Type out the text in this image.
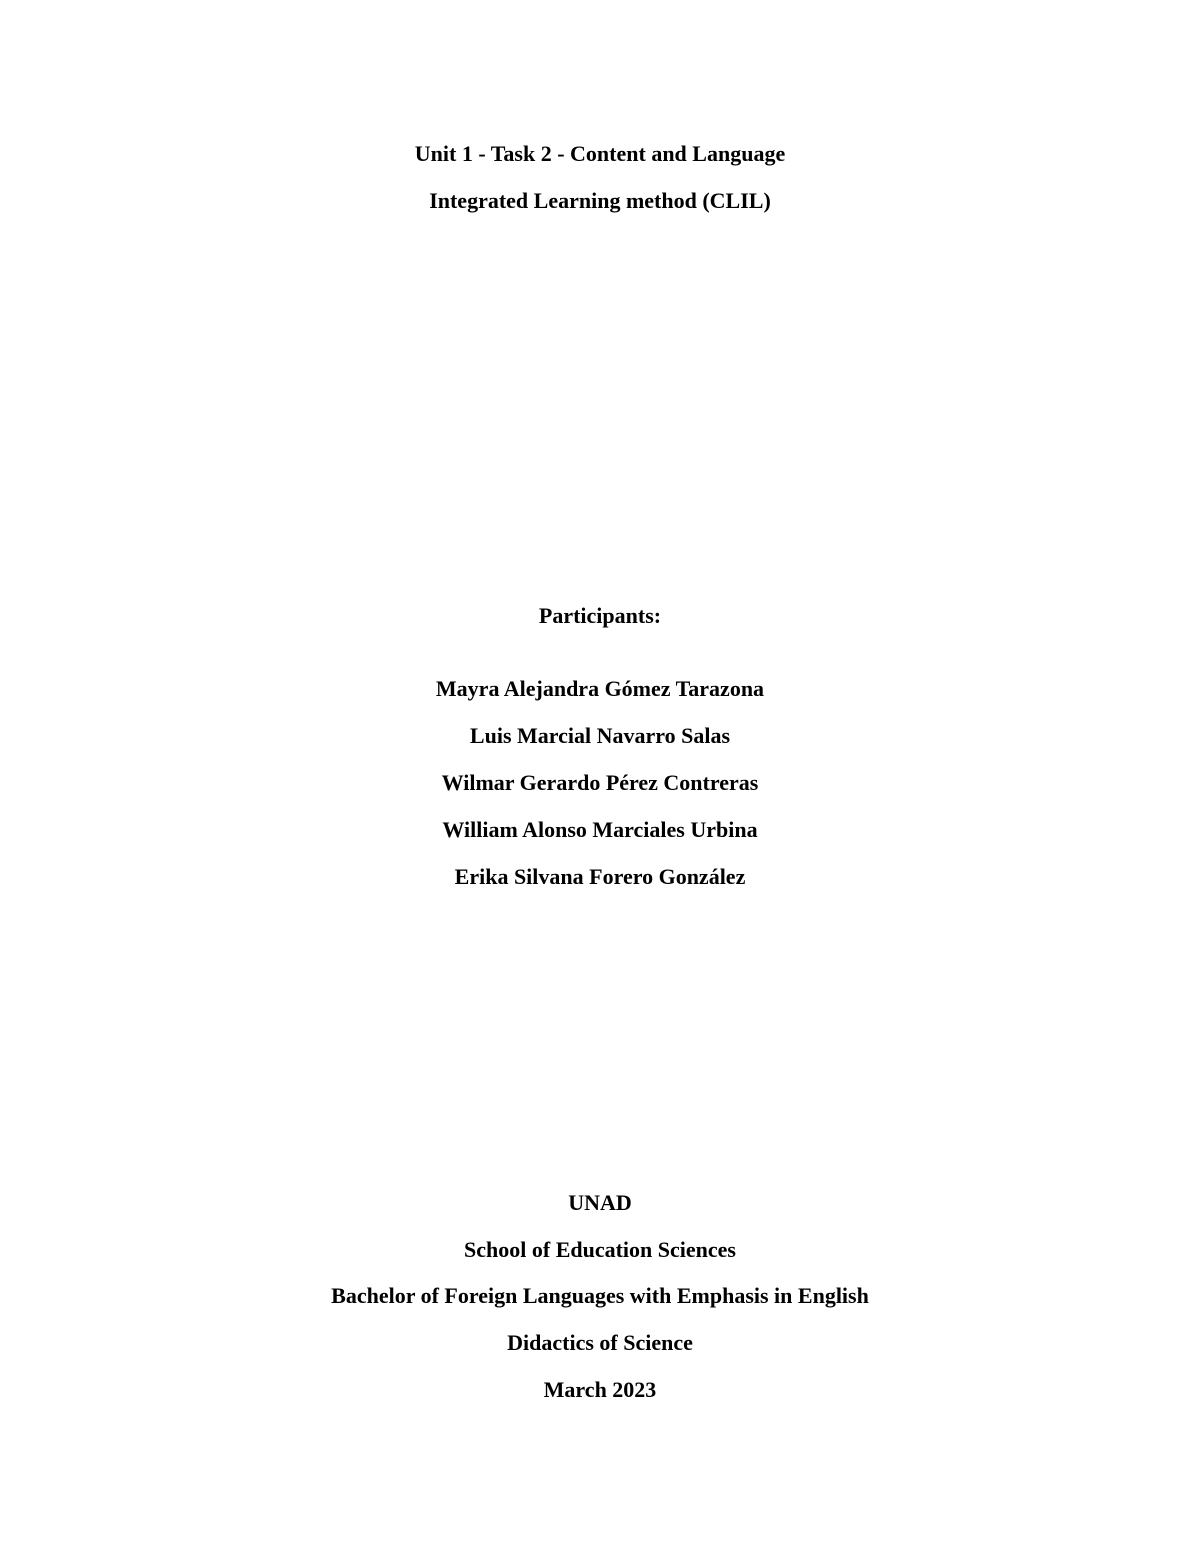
Unit 1 - Task 2 - Content and Language
Integrated Learning method (CLIL)
Participants:
Mayra Alejandra Gómez Tarazona
Luis Marcial Navarro Salas
Wilmar Gerardo Pérez Contreras
William Alonso Marciales Urbina
Erika Silvana Forero González
UNAD
School of Education Sciences
Bachelor of Foreign Languages with Emphasis in English
Didactics of Science
March 2023
